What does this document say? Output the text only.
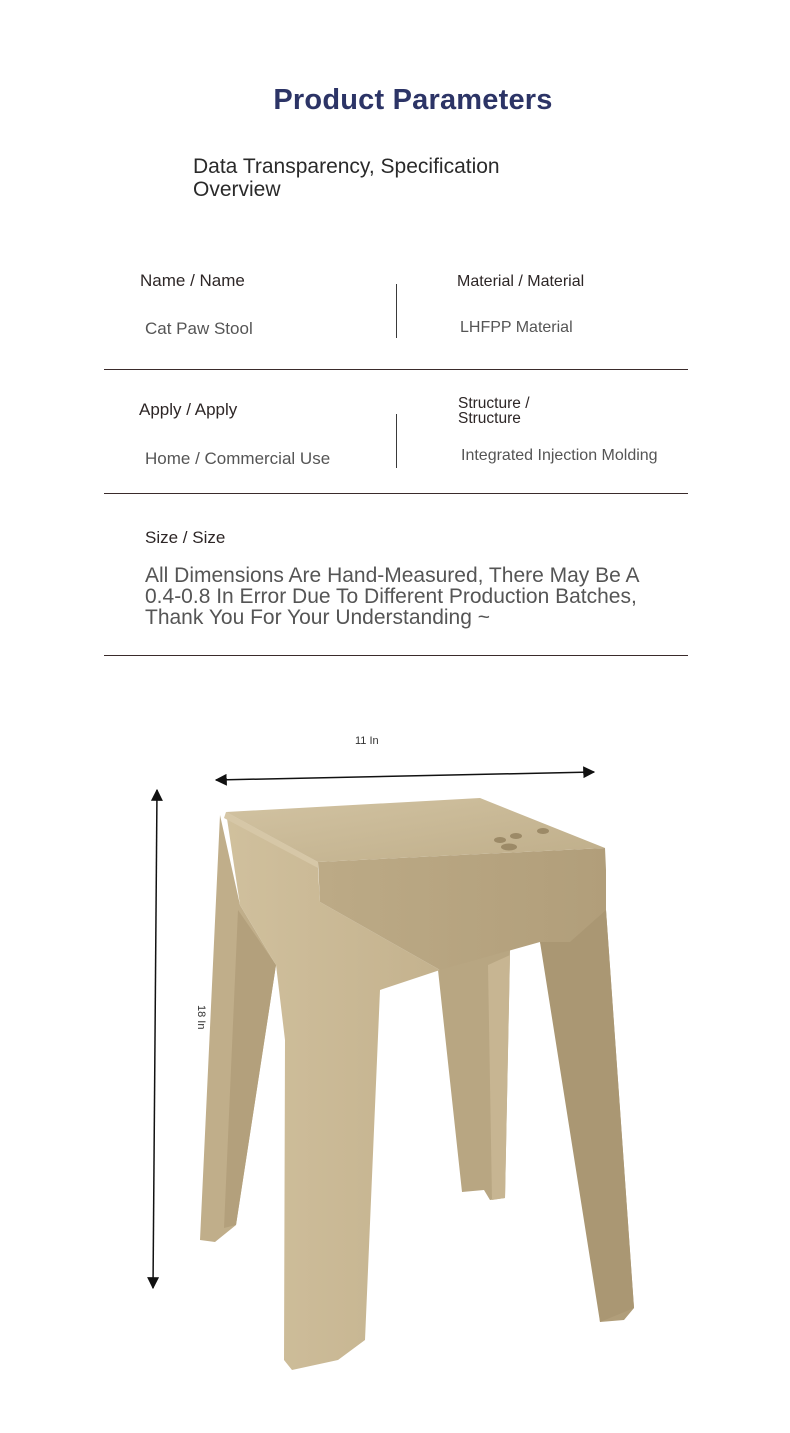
Product Parameters
Data Transparency, Specification Overview
Name / Name
Cat Paw Stool
Material / Material
LHFPP Material
Apply / Apply
Home / Commercial Use
Structure / Structure
Integrated Injection Molding
Size / Size
All Dimensions Are Hand-Measured, There May Be A 0.4-0.8 In Error Due To Different Production Batches, Thank You For Your Understanding ~
11 In
18 In
